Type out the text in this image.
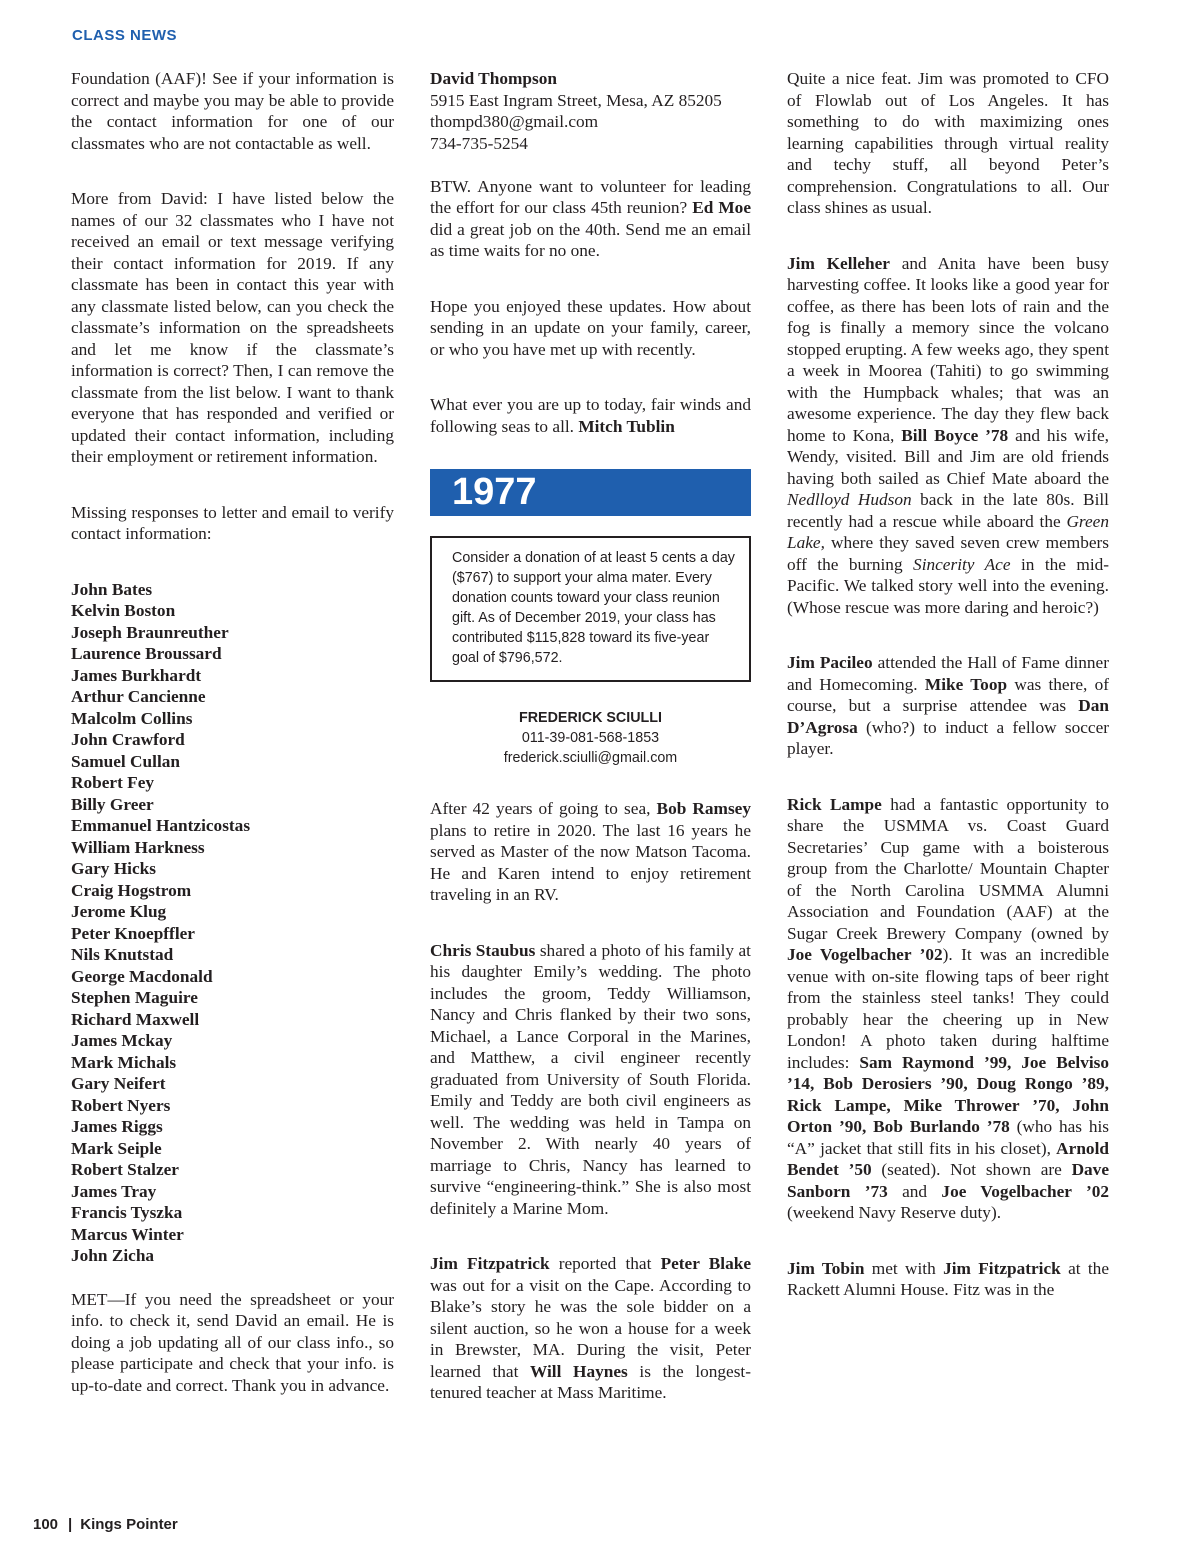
CLASS NEWS

Foundation (AAF)! See if your information is correct and maybe you may be able to provide the contact information for one of our classmates who are not contactable as well.

More from David: I have listed below the names of our 32 classmates who I have not received an email or text message verifying their contact information for 2019. If any classmate has been in contact this year with any classmate listed below, can you check the classmate’s information on the spreadsheets and let me know if the classmate’s information is correct? Then, I can remove the classmate from the list below. I want to thank everyone that has responded and verified or updated their contact information, including their employment or retirement information.

Missing responses to letter and email to verify contact information:

John Bates
Kelvin Boston
Joseph Braunreuther
Laurence Broussard
James Burkhardt
Arthur Cancienne
Malcolm Collins
John Crawford
Samuel Cullan
Robert Fey
Billy Greer
Emmanuel Hantzicostas
William Harkness
Gary Hicks
Craig Hogstrom
Jerome Klug
Peter Knoepffler
Nils Knutstad
George Macdonald
Stephen Maguire
Richard Maxwell
James Mckay
Mark Michals
Gary Neifert
Robert Nyers
James Riggs
Mark Seiple
Robert Stalzer
James Tray
Francis Tyszka
Marcus Winter
John Zicha

MET—If you need the spreadsheet or your info. to check it, send David an email. He is doing a job updating all of our class info., so please participate and check that your info. is up-to-date and correct. Thank you in advance.

David Thompson
5915 East Ingram Street, Mesa, AZ 85205
thompd380@gmail.com
734-735-5254

BTW. Anyone want to volunteer for leading the effort for our class 45th reunion? Ed Moe did a great job on the 40th. Send me an email as time waits for no one.

Hope you enjoyed these updates. How about sending in an update on your family, career, or who you have met up with recently.

What ever you are up to today, fair winds and following seas to all. Mitch Tublin

1977

Consider a donation of at least 5 cents a day ($767) to support your alma mater. Every donation counts toward your class reunion gift. As of December 2019, your class has contributed $115,828 toward its five-year goal of $796,572.

FREDERICK SCIULLI
011-39-081-568-1853
frederick.sciulli@gmail.com

After 42 years of going to sea, Bob Ramsey plans to retire in 2020. The last 16 years he served as Master of the now Matson Tacoma. He and Karen intend to enjoy retirement traveling in an RV.

Chris Staubus shared a photo of his family at his daughter Emily’s wedding. The photo includes the groom, Teddy Williamson, Nancy and Chris flanked by their two sons, Michael, a Lance Corporal in the Marines, and Matthew, a civil engineer recently graduated from University of South Florida. Emily and Teddy are both civil engineers as well. The wedding was held in Tampa on November 2. With nearly 40 years of marriage to Chris, Nancy has learned to survive “engineering-think.” She is also most definitely a Marine Mom.

Jim Fitzpatrick reported that Peter Blake was out for a visit on the Cape. According to Blake’s story he was the sole bidder on a silent auction, so he won a house for a week in Brewster, MA. During the visit, Peter learned that Will Haynes is the longest-tenured teacher at Mass Maritime.

Quite a nice feat. Jim was promoted to CFO of Flowlab out of Los Angeles. It has something to do with maximizing ones learning capabilities through virtual reality and techy stuff, all beyond Peter’s comprehension. Congratulations to all. Our class shines as usual.

Jim Kelleher and Anita have been busy harvesting coffee. It looks like a good year for coffee, as there has been lots of rain and the fog is finally a memory since the volcano stopped erupting. A few weeks ago, they spent a week in Moorea (Tahiti) to go swimming with the Humpback whales; that was an awesome experience. The day they flew back home to Kona, Bill Boyce ’78 and his wife, Wendy, visited. Bill and Jim are old friends having both sailed as Chief Mate aboard the Nedlloyd Hudson back in the late 80s. Bill recently had a rescue while aboard the Green Lake, where they saved seven crew members off the burning Sincerity Ace in the mid-Pacific. We talked story well into the evening. (Whose rescue was more daring and heroic?)

Jim Pacileo attended the Hall of Fame dinner and Homecoming. Mike Toop was there, of course, but a surprise attendee was Dan D’Agrosa (who?) to induct a fellow soccer player.

Rick Lampe had a fantastic opportunity to share the USMMA vs. Coast Guard Secretaries’ Cup game with a boisterous group from the Charlotte/ Mountain Chapter of the North Carolina USMMA Alumni Association and Foundation (AAF) at the Sugar Creek Brewery Company (owned by Joe Vogelbacher ’02). It was an incredible venue with on-site flowing taps of beer right from the stainless steel tanks! They could probably hear the cheering up in New London! A photo taken during halftime includes: Sam Raymond ’99, Joe Belviso ’14, Bob Derosiers ’90, Doug Rongo ’89, Rick Lampe, Mike Thrower ’70, John Orton ’90, Bob Burlando ’78 (who has his “A” jacket that still fits in his closet), Arnold Bendet ’50 (seated). Not shown are Dave Sanborn ’73 and Joe Vogelbacher ’02 (weekend Navy Reserve duty).

Jim Tobin met with Jim Fitzpatrick at the Rackett Alumni House. Fitz was in the

100 | Kings Pointer
